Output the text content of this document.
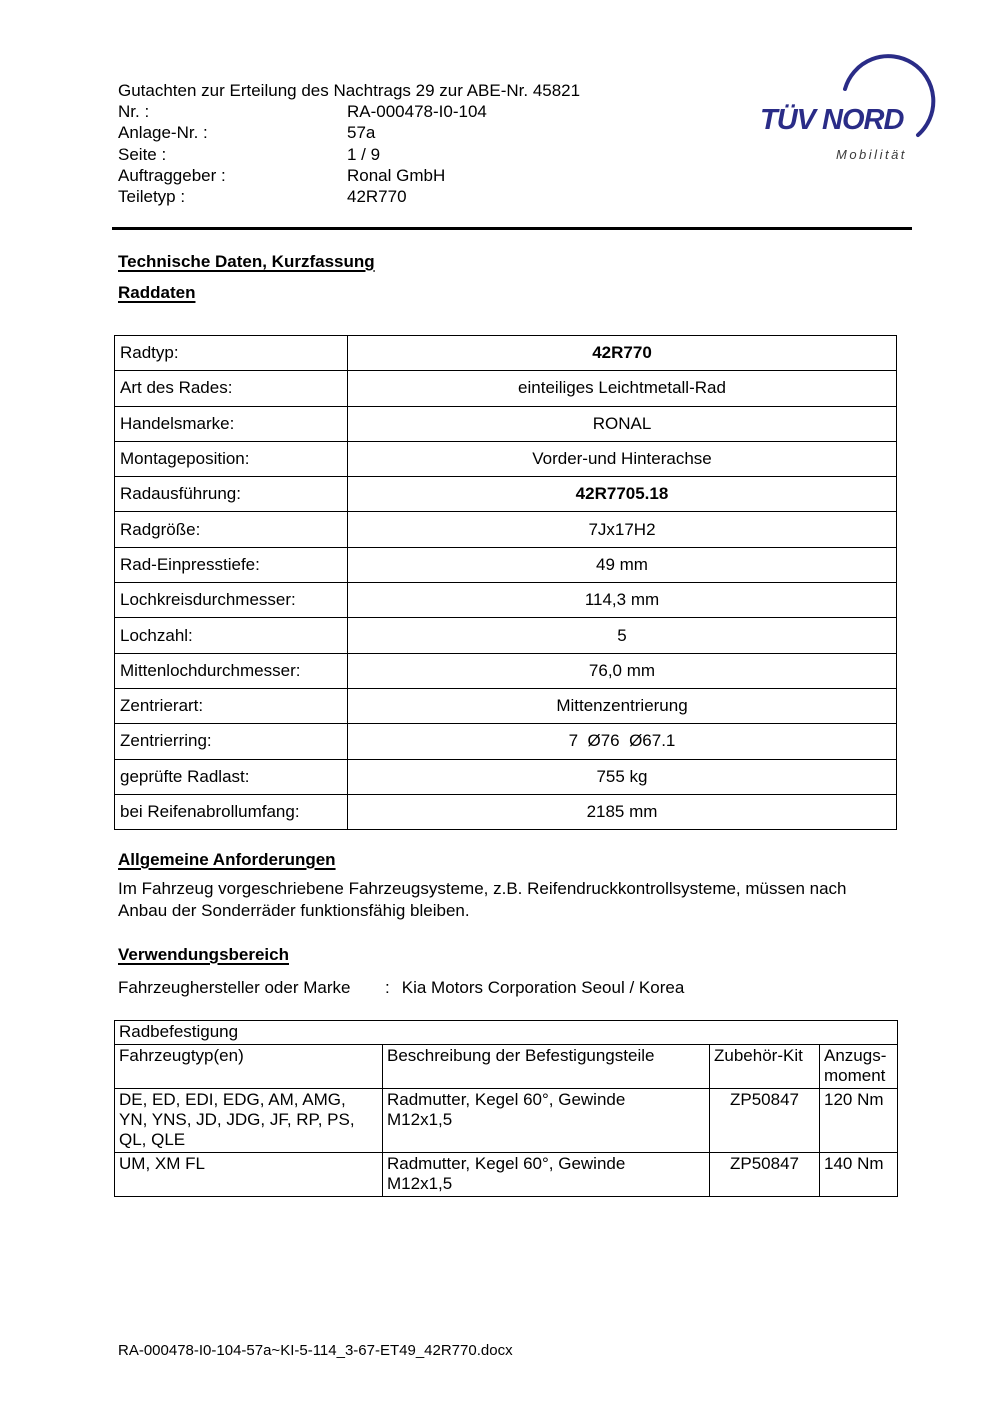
Gutachten zur Erteilung des Nachtrags 29 zur ABE-Nr. 45821
Nr. :	RA-000478-I0-104
Anlage-Nr. :	57a
Seite :	1 / 9
Auftraggeber :	Ronal GmbH
Teiletyp :	42R770
TÜV NORD
Mobilität
Technische Daten, Kurzfassung
Raddaten
Radtyp:	42R770
Art des Rades:	einteiliges Leichtmetall-Rad
Handelsmarke:	RONAL
Montageposition:	Vorder-und Hinterachse
Radausführung:	42R7705.18
Radgröße:	7Jx17H2
Rad-Einpresstiefe:	49 mm
Lochkreisdurchmesser:	114,3 mm
Lochzahl:	5
Mittenlochdurchmesser:	76,0 mm
Zentrierart:	Mittenzentrierung
Zentrierring:	7  Ø76  Ø67.1
geprüfte Radlast:	755 kg
bei Reifenabrollumfang:	2185 mm
Allgemeine Anforderungen
Im Fahrzeug vorgeschriebene Fahrzeugsysteme, z.B. Reifendruckkontrollsysteme, müssen nach Anbau der Sonderräder funktionsfähig bleiben.
Verwendungsbereich
Fahrzeughersteller oder Marke : Kia Motors Corporation Seoul / Korea
Radbefestigung			
Fahrzeugtyp(en)	Beschreibung der Befestigungsteile	Zubehör-Kit	Anzugs-moment
DE, ED, EDI, EDG, AM, AMG, YN, YNS, JD, JDG, JF, RP, PS, QL, QLE	Radmutter, Kegel 60°, Gewinde M12x1,5	ZP50847	120 Nm
UM, XM FL	Radmutter, Kegel 60°, Gewinde M12x1,5	ZP50847	140 Nm
RA-000478-I0-104-57a~KI-5-114_3-67-ET49_42R770.docx
